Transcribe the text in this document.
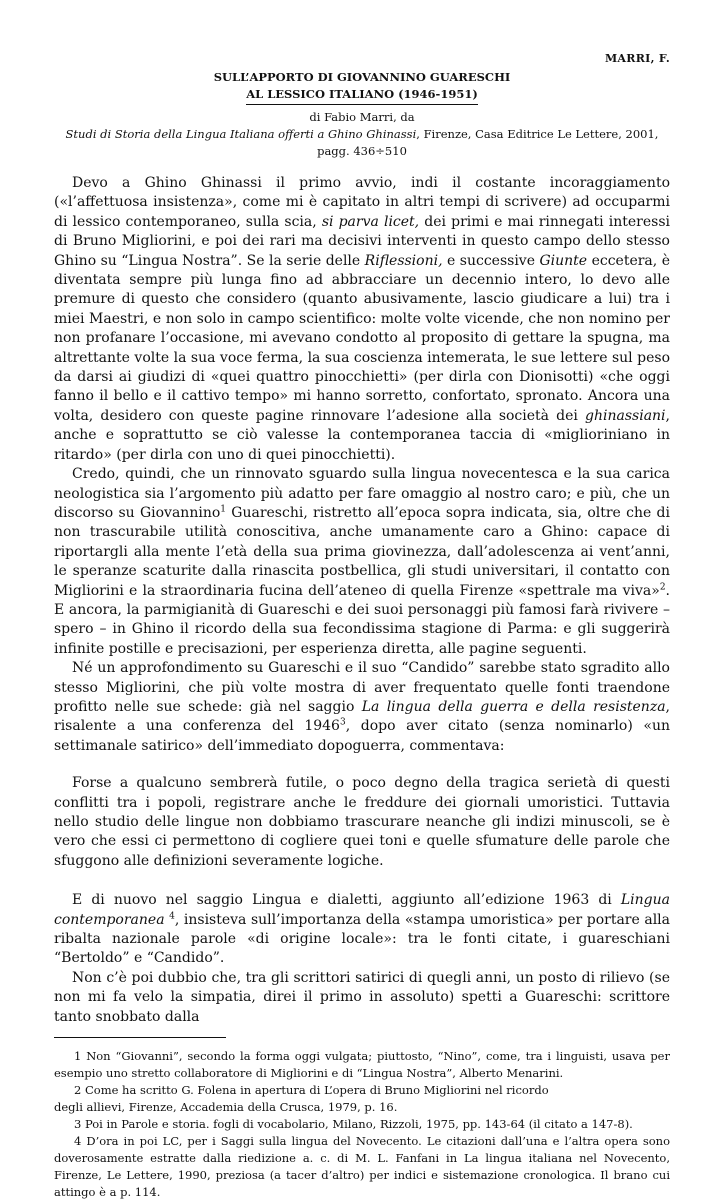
MARRI, F.
SULL’APPORTO DI GIOVANNINO GUARESCHI
AL LESSICO ITALIANO (1946-1951)
di Fabio Marri, da
Studi di Storia della Lingua Italiana offerti a Ghino Ghinassi, Firenze, Casa Editrice Le Lettere, 2001, pagg. 436÷510

Devo a Ghino Ghinassi il primo avvio, indi il costante incoraggiamento («l’affettuosa insistenza», come mi è capitato in altri tempi di scrivere) ad occuparmi di lessico contemporaneo, sulla scia, si parva licet, dei primi e mai rinnegati interessi di Bruno Migliorini, e poi dei rari ma decisivi interventi in questo campo dello stesso Ghino su “Lingua Nostra”. Se la serie delle Riflessioni, e successive Giunte eccetera, è diventata sempre più lunga fino ad abbracciare un decennio intero, lo devo alle premure di questo che considero (quanto abusivamente, lascio giudicare a lui) tra i miei Maestri, e non solo in campo scientifico: molte volte vicende, che non nomino per non profanare l’occasione, mi avevano condotto al proposito di gettare la spugna, ma altrettante volte la sua voce ferma, la sua coscienza intemerata, le sue lettere sul peso da darsi ai giudizi di «quei quattro pinocchietti» (per dirla con Dionisotti) «che oggi fanno il bello e il cattivo tempo» mi hanno sorretto, confortato, spronato. Ancora una volta, desidero con queste pagine rinnovare l’adesione alla società dei ghinassiani, anche e soprattutto se ciò valesse la contemporanea taccia di «migliorinianо in ritardo» (per dirla con uno di quei pinocchietti).

Credo, quindi, che un rinnovato sguardo sulla lingua novecentesca e la sua carica neologistica sia l’argomento più adatto per fare omaggio al nostro caro; e più, che un discorso su Giovannino$^1$ Guareschi, ristretto all’epoca sopra indicata, sia, oltre che di non trascurabile utilità conoscitiva, anche umanamente caro a Ghino: capace di riportargli alla mente l’età della sua prima giovinezza, dall’adolescenza ai vent’anni, le speranze scaturite dalla rinascita postbellica, gli studi universitari, il contatto con Migliorini e la straordinaria fucina dell’ateneo di quella Firenze «spettrale ma viva»$^2$. E ancora, la parmigianità di Guareschi e dei suoi personaggi più famosi farà rivivere – spero – in Ghino il ricordo della sua fecondissima stagione di Parma: e gli suggerirà infinite postille e precisazioni, per esperienza diretta, alle pagine seguenti.

Né un approfondimento su Guareschi e il suo “Candido” sarebbe stato sgradito allo stesso Migliorini, che più volte mostra di aver frequentato quelle fonti traendone profitto nelle sue schede: già nel saggio La lingua della guerra e della resistenza, risalente a una conferenza del 1946$^3$, dopo aver citato (senza nominarlo) «un settimanale satirico» dell’immediato dopoguerra, commentava:

Forse a qualcuno sembrerà futile, o poco degno della tragica serietà di questi conflitti tra i popoli, registrare anche le freddure dei giornali umoristici. Tuttavia nello studio delle lingue non dobbiamo trascurare neanche gli indizi minuscoli, se è vero che essi ci permettono di cogliere quei toni e quelle sfumature delle parole che sfuggono alle definizioni severamente logiche.

E di nuovo nel saggio Lingua e dialetti, aggiunto all’edizione 1963 di Lingua contemporanea $^4$, insisteva sull’importanza della «stampa umoristica» per portare alla ribalta nazionale parole «di origine locale»: tra le fonti citate, i guareschiani “Bertoldo” e “Candido”.

Non c’è poi dubbio che, tra gli scrittori satirici di quegli anni, un posto di rilievo (se non mi fa velo la simpatia, direi il primo in assoluto) spetti a Guareschi: scrittore tanto snobbato dalla

1 Non “Giovanni”, secondo la forma oggi vulgata; piuttosto, “Nino”, come, tra i linguisti, usava per esempio uno stretto collaboratore di Migliorini e di “Lingua Nostra”, Alberto Menarini.

2 Come ha scritto G. Folena in apertura di L’opera di Bruno Migliorini nel ricordo

degli allievi, Firenze, Accademia della Crusca, 1979, p. 16.

3 Poi in Parole e storia. fogli di vocabolario, Milano, Rizzoli, 1975, pp. 143-64 (il citato a 147-8).

4 D’ora in poi LC, per i Saggi sulla lingua del Novecento. Le citazioni dall’una e l’altra opera sono doverosamente estratte dalla riedizione a. c. di M. L. Fanfani in La lingua italiana nel Novecento, Firenze, Le Lettere, 1990, preziosa (a tacer d’altro) per indici e sistemazione cronologica. Il brano cui attingo è a p. 114.
